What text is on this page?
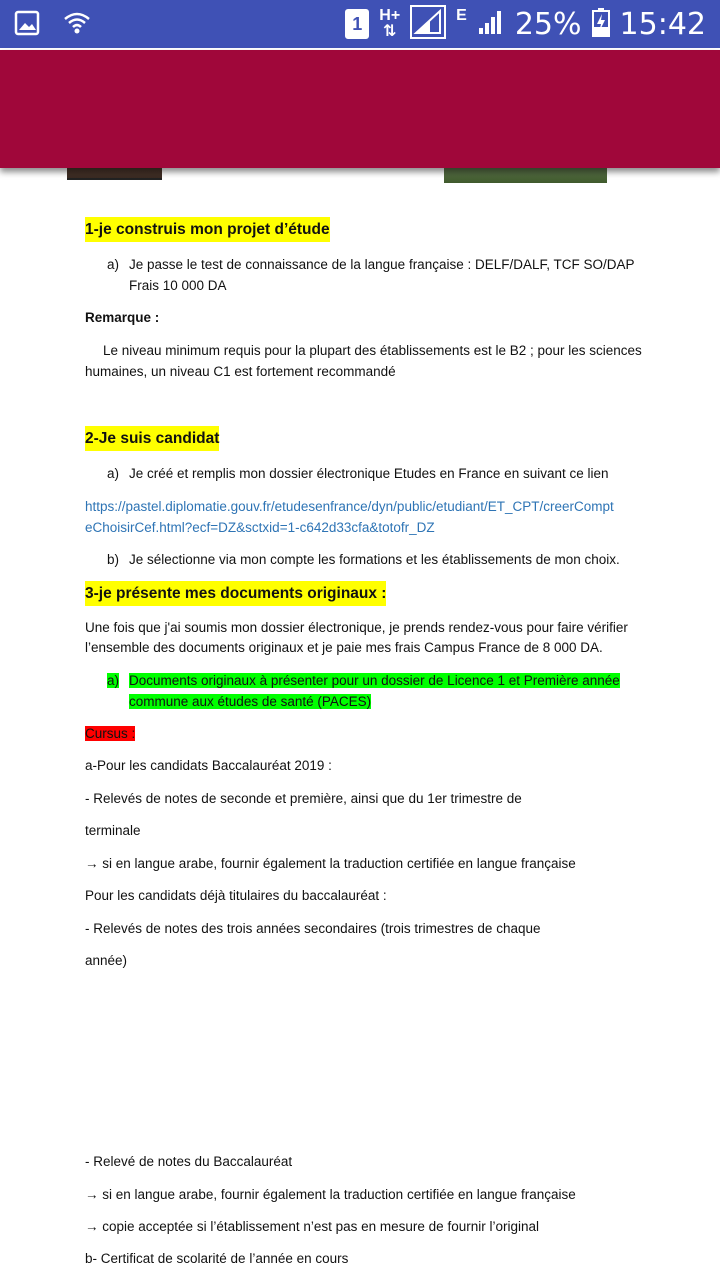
1-je construis mon projet d’étude
a) Je passe le test de connaissance de la langue française : DELF/DALF, TCF SO/DAP
Frais 10 000 DA
Remarque :
Le niveau minimum requis pour la plupart des établissements est le B2 ; pour les sciences
humaines, un niveau C1 est fortement recommandé
2-Je suis candidat
a) Je créé et remplis mon dossier électronique Etudes en France en suivant ce lien
https://pastel.diplomatie.gouv.fr/etudesenfrance/dyn/public/etudiant/ET_CPT/creerCompt
eChoisirCef.html?ecf=DZ&sctxid=1-c642d33cfa&totofr_DZ
b) Je sélectionne via mon compte les formations et les établissements de mon choix.
3-je présente mes documents originaux :
Une fois que j'ai soumis mon dossier électronique, je prends rendez-vous pour faire vérifier
l’ensemble des documents originaux et je paie mes frais Campus France de 8 000 DA.
a) Documents originaux à présenter pour un dossier de Licence 1 et Première année
commune aux études de santé (PACES)
Cursus :
a-Pour les candidats Baccalauréat 2019 :
- Relevés de notes de seconde et première, ainsi que du 1er trimestre de
terminale
→ si en langue arabe, fournir également la traduction certifiée en langue française
Pour les candidats déjà titulaires du baccalauréat :
- Relevés de notes des trois années secondaires (trois trimestres de chaque
année)
- Relevé de notes du Baccalauréat
→ si en langue arabe, fournir également la traduction certifiée en langue française
→ copie acceptée si l’établissement n’est pas en mesure de fournir l’original
b- Certificat de scolarité de l’année en cours
1	H+
⇅
E 25% 15:42
